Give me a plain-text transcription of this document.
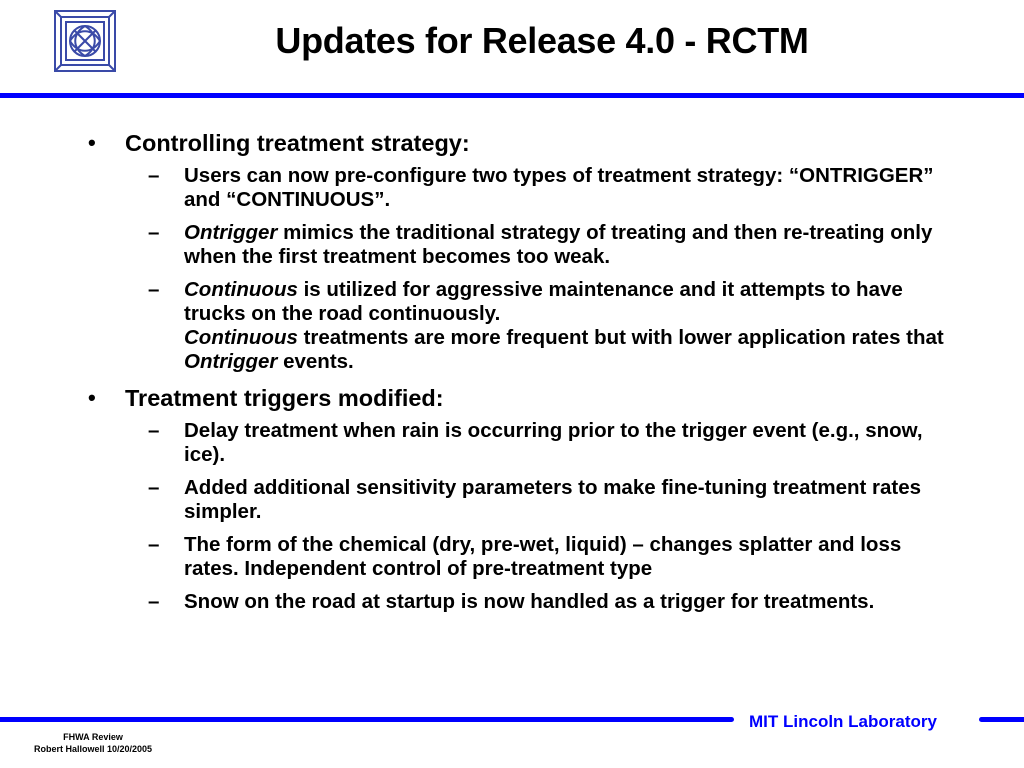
Updates for Release 4.0 - RCTM
• Controlling treatment strategy:
– Users can now pre-configure two types of treatment strategy: “ONTRIGGER” and “CONTINUOUS”.
– Ontrigger mimics the traditional strategy of treating and then re-treating only when the first treatment becomes too weak.
– Continuous is utilized for aggressive maintenance and it attempts to have trucks on the road continuously.
Continuous treatments are more frequent but with lower application rates that Ontrigger events.
• Treatment triggers modified:
– Delay treatment when rain is occurring prior to the trigger event (e.g., snow, ice).
– Added additional sensitivity parameters to make fine-tuning treatment rates simpler.
– The form of the chemical (dry, pre-wet, liquid) – changes splatter and loss rates. Independent control of pre-treatment type
– Snow on the road at startup is now handled as a trigger for treatments.
MIT Lincoln Laboratory
FHWA Review
Robert Hallowell 10/20/2005
